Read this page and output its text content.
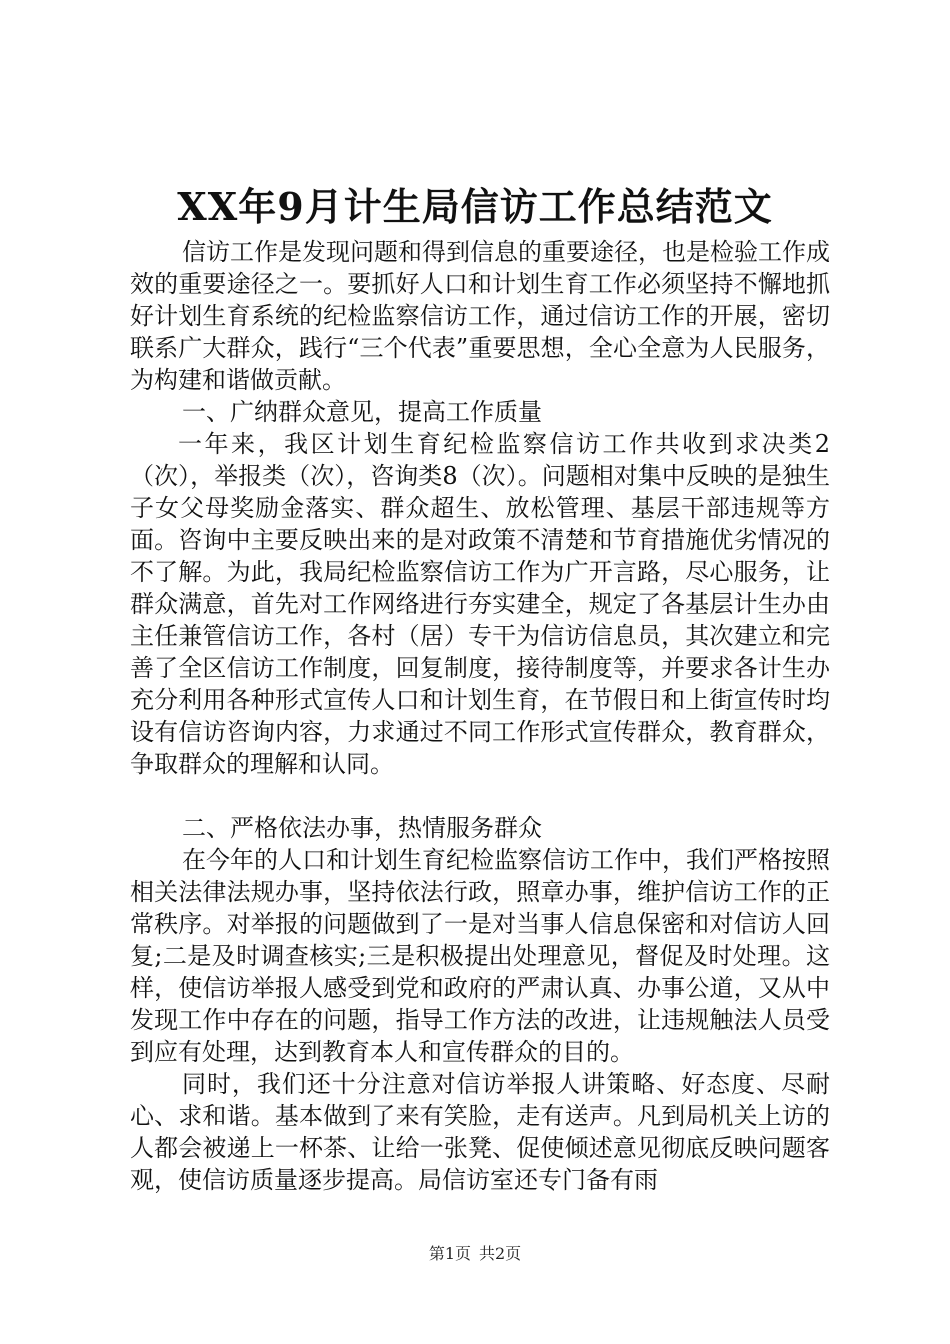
XX年9月计生局信访工作总结范文

信访工作是发现问题和得到信息的重要途径，也是检验工作成效的重要途径之一。要抓好人口和计划生育工作必须坚持不懈地抓好计划生育系统的纪检监察信访工作，通过信访工作的开展，密切联系广大群众，践行“三个代表”重要思想，全心全意为人民服务，为构建和谐做贡献。

一、广纳群众意见，提高工作质量

一年来，我区计划生育纪检监察信访工作共收到求决类2（次），举报类（次），咨询类8（次）。问题相对集中反映的是独生子女父母奖励金落实、群众超生、放松管理、基层干部违规等方面。咨询中主要反映出来的是对政策不清楚和节育措施优劣情况的不了解。为此，我局纪检监察信访工作为广开言路，尽心服务，让群众满意，首先对工作网络进行夯实建全，规定了各基层计生办由主任兼管信访工作，各村（居）专干为信访信息员，其次建立和完善了全区信访工作制度，回复制度，接待制度等，并要求各计生办充分利用各种形式宣传人口和计划生育，在节假日和上街宣传时均设有信访咨询内容，力求通过不同工作形式宣传群众，教育群众，争取群众的理解和认同。

二、严格依法办事，热情服务群众

在今年的人口和计划生育纪检监察信访工作中，我们严格按照相关法律法规办事，坚持依法行政，照章办事，维护信访工作的正常秩序。对举报的问题做到了一是对当事人信息保密和对信访人回复;二是及时调查核实;三是积极提出处理意见，督促及时处理。这样，使信访举报人感受到党和政府的严肃认真、办事公道，又从中发现工作中存在的问题，指导工作方法的改进，让违规触法人员受到应有处理，达到教育本人和宣传群众的目的。

同时，我们还十分注意对信访举报人讲策略、好态度、尽耐心、求和谐。基本做到了来有笑脸，走有送声。凡到局机关上访的人都会被递上一杯茶、让给一张凳、促使倾述意见彻底反映问题客观，使信访质量逐步提高。局信访室还专门备有雨

第1页 共2页
